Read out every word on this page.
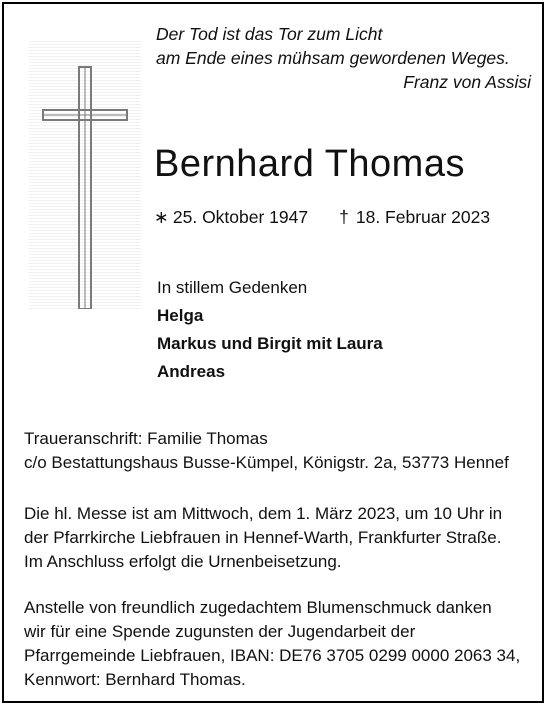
Der Tod ist das Tor zum Licht
am Ende eines mühsam gewordenen Weges.
Franz von Assisi
Bernhard Thomas
∗ 25. Oktober 1947 † 18. Februar 2023
In stillem Gedenken
Helga
Markus und Birgit mit Laura
Andreas
Traueranschrift: Familie Thomas
c/o Bestattungshaus Busse-Kümpel, Königstr. 2a, 53773 Hennef
Die hl. Messe ist am Mittwoch, dem 1. März 2023, um 10 Uhr in
der Pfarrkirche Liebfrauen in Hennef-Warth, Frankfurter Straße.
Im Anschluss erfolgt die Urnenbeisetzung.
Anstelle von freundlich zugedachtem Blumenschmuck danken
wir für eine Spende zugunsten der Jugendarbeit der
Pfarrgemeinde Liebfrauen, IBAN: DE76 3705 0299 0000 2063 34,
Kennwort: Bernhard Thomas.
